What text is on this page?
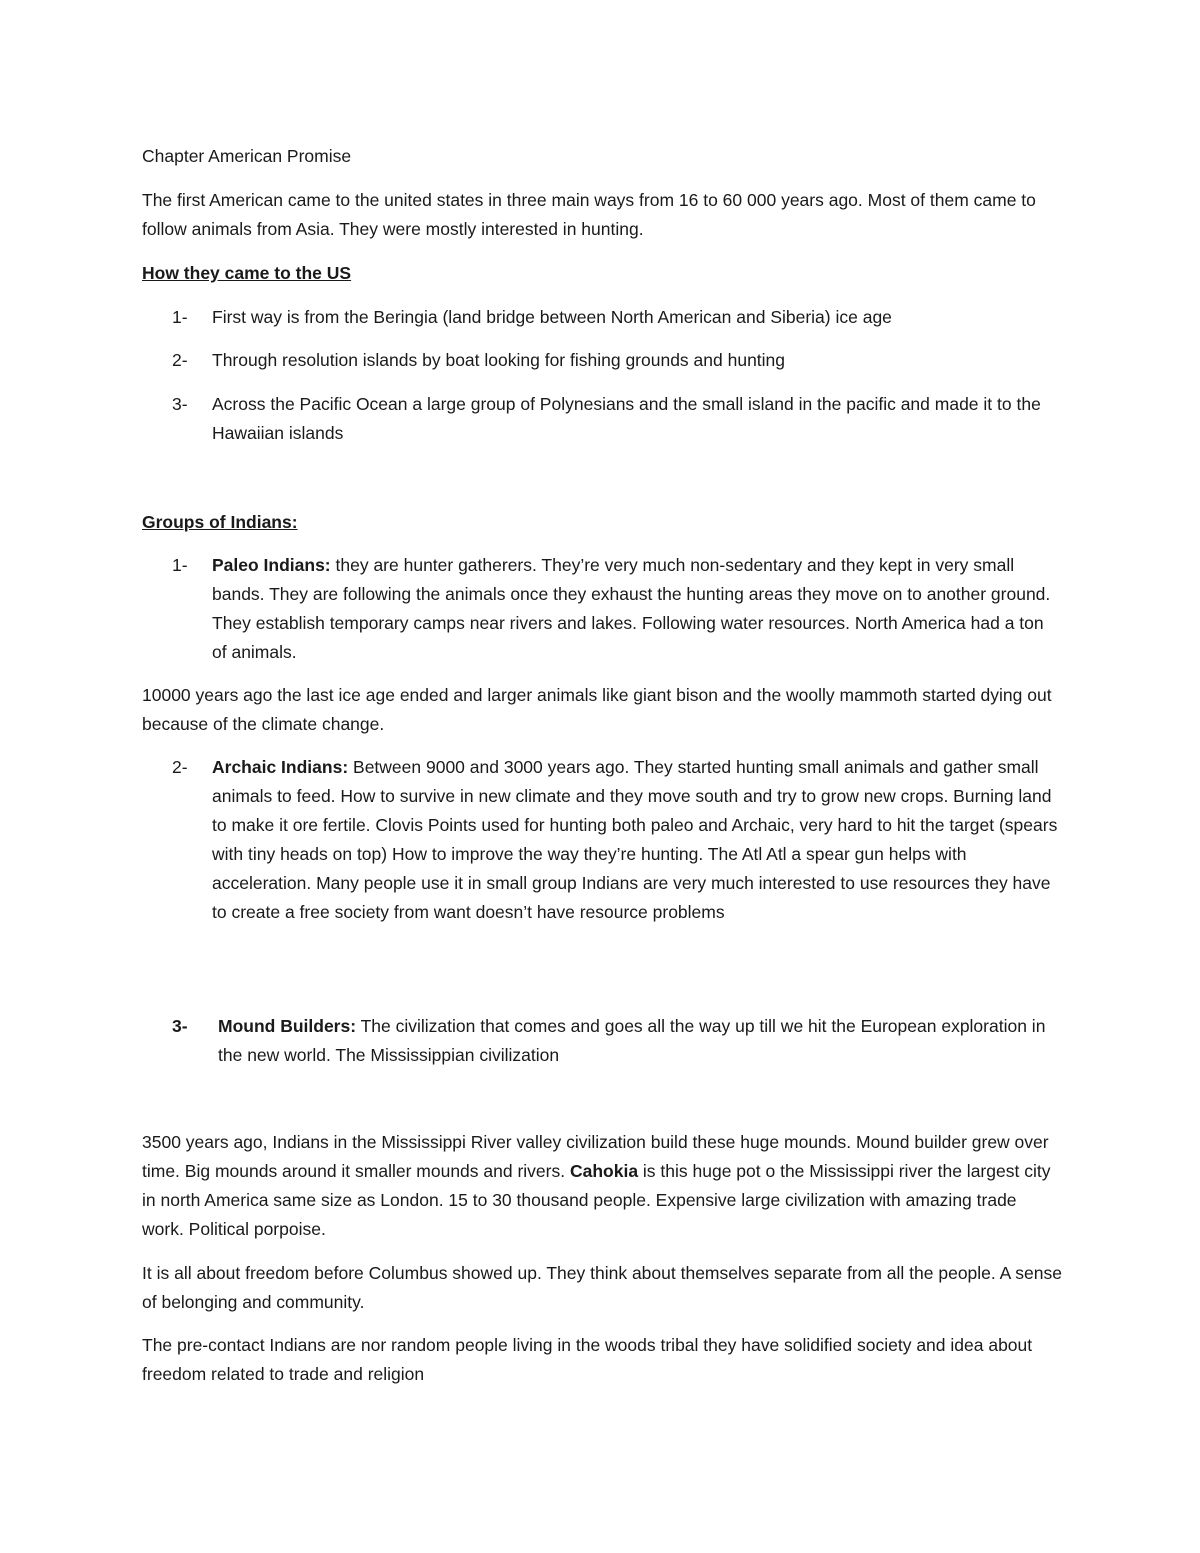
Chapter American Promise

The first American came to the united states in three main ways from 16 to 60 000 years ago. Most of them came to follow animals from Asia. They were mostly interested in hunting.

How they came to the US

1-	First way is from the Beringia (land bridge between North American and Siberia) ice age
2-	Through resolution islands by boat looking for fishing grounds and hunting
3-	Across the Pacific Ocean a large group of Polynesians and the small island in the pacific and made it to the Hawaiian islands

Groups of Indians:

1-	Paleo Indians: they are hunter gatherers. They’re very much non-sedentary and they kept in very small bands. They are following the animals once they exhaust the hunting areas they move on to another ground. They establish temporary camps near rivers and lakes. Following water resources. North America had a ton of animals.

10000 years ago the last ice age ended and larger animals like giant bison and the woolly mammoth started dying out because of the climate change.

2-	Archaic Indians: Between 9000 and 3000 years ago. They started hunting small animals and gather small animals to feed. How to survive in new climate and they move south and try to grow new crops. Burning land to make it ore fertile. Clovis Points used for hunting both paleo and Archaic, very hard to hit the target (spears with tiny heads on top) How to improve the way they’re hunting. The Atl Atl a spear gun helps with acceleration. Many people use it in small group Indians are very much interested to use resources they have to create a free society from want doesn’t have resource problems
3-	Mound Builders: The civilization that comes and goes all the way up till we hit the European exploration in the new world. The Mississippian civilization

3500 years ago, Indians in the Mississippi River valley civilization build these huge mounds. Mound builder grew over time. Big mounds around it smaller mounds and rivers. Cahokia is this huge pot o the Mississippi river the largest city in north America same size as London. 15 to 30 thousand people. Expensive large civilization with amazing trade work. Political porpoise.

It is all about freedom before Columbus showed up. They think about themselves separate from all the people. A sense of belonging and community.

The pre-contact Indians are nor random people living in the woods tribal they have solidified society and idea about freedom related to trade and religion
